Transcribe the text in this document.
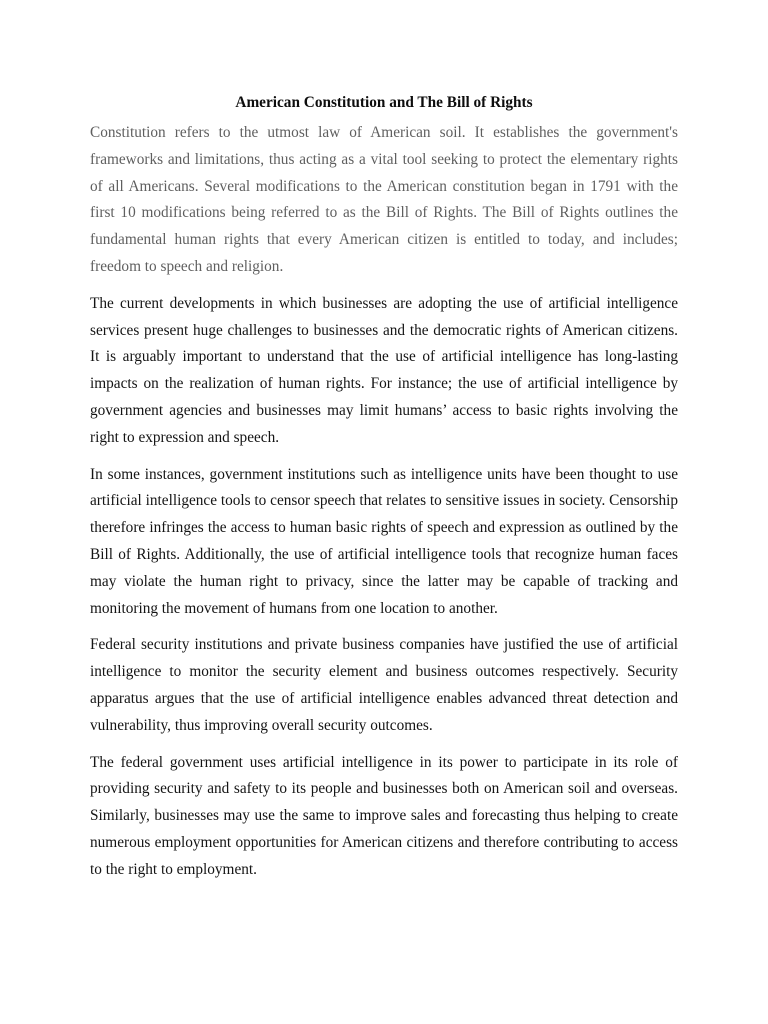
American Constitution and The Bill of Rights

Constitution refers to the utmost law of American soil. It establishes the government's frameworks and limitations, thus acting as a vital tool seeking to protect the elementary rights of all Americans. Several modifications to the American constitution began in 1791 with the first 10 modifications being referred to as the Bill of Rights. The Bill of Rights outlines the fundamental human rights that every American citizen is entitled to today, and includes; freedom to speech and religion.

The current developments in which businesses are adopting the use of artificial intelligence services present huge challenges to businesses and the democratic rights of American citizens. It is arguably important to understand that the use of artificial intelligence has long-lasting impacts on the realization of human rights. For instance; the use of artificial intelligence by government agencies and businesses may limit humans’ access to basic rights involving the right to expression and speech.

In some instances, government institutions such as intelligence units have been thought to use artificial intelligence tools to censor speech that relates to sensitive issues in society. Censorship therefore infringes the access to human basic rights of speech and expression as outlined by the Bill of Rights. Additionally, the use of artificial intelligence tools that recognize human faces may violate the human right to privacy, since the latter may be capable of tracking and monitoring the movement of humans from one location to another.

Federal security institutions and private business companies have justified the use of artificial intelligence to monitor the security element and business outcomes respectively. Security apparatus argues that the use of artificial intelligence enables advanced threat detection and vulnerability, thus improving overall security outcomes.

The federal government uses artificial intelligence in its power to participate in its role of providing security and safety to its people and businesses both on American soil and overseas. Similarly, businesses may use the same to improve sales and forecasting thus helping to create numerous employment opportunities for American citizens and therefore contributing to access to the right to employment.
